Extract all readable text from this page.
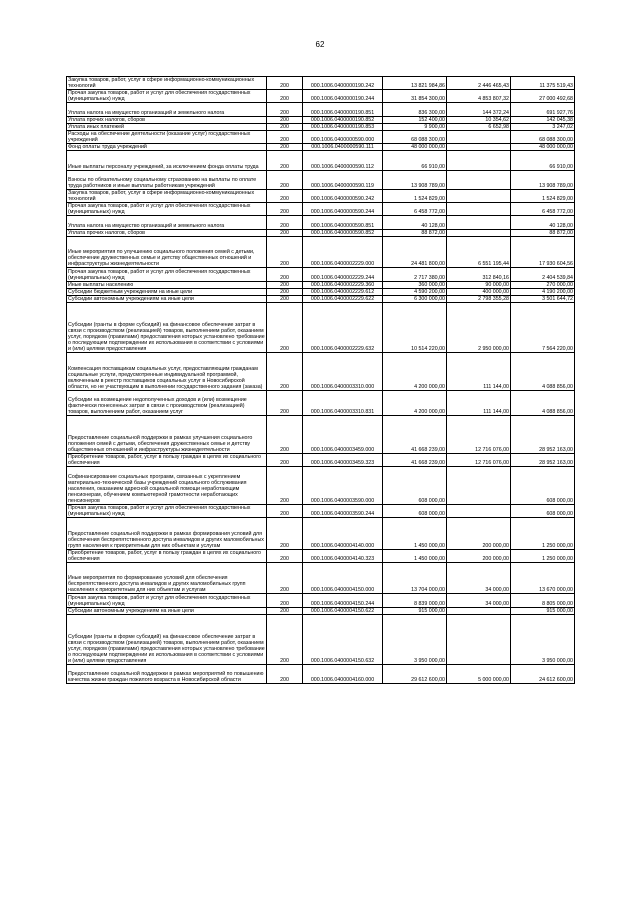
62
Закупка товаров, работ, услуг в сфере информационно-коммуникационных технологий	200	000.1006.0400000190.242	13 821 984,86	2 446 465,43	11 375 519,43
Прочая закупка товаров, работ и услуг для обеспечения государственных (муниципальных) нужд	200	000.1006.0400000190.244	31 854 300,00	4 853 807,32	27 000 492,68
Уплата налога на имущество организаций и земельного налога	200	000.1006.0400000190.851	836 300,00	144 372,24	691 927,76
Уплата прочих налогов, сборов	200	000.1006.0400000190.852	152 400,00	10 354,62	142 045,38
Уплата иных платежей	200	000.1006.0400000190.853	9 900,00	6 652,98	3 247,02
Расходы на обеспечение деятельности (оказание услуг) государственных учреждений	200	000.1006.0400000590.000	68 088 300,00		68 088 300,00
Фонд оплаты труда учреждений	200	000.1006.0400000590.111	48 000 000,00		48 000 000,00
Иные выплаты персоналу учреждений, за исключением фонда оплаты труда	200	000.1006.0400000590.112	66 910,00		66 910,00
Взносы по обязательному социальному страхованию на выплаты по оплате труда работников и иные выплаты работникам учреждений	200	000.1006.0400000590.119	13 908 789,00		13 908 789,00
Закупка товаров, работ, услуг в сфере информационно-коммуникационных технологий	200	000.1006.0400000590.242	1 524 829,00		1 524 829,00
Прочая закупка товаров, работ и услуг для обеспечения государственных (муниципальных) нужд	200	000.1006.0400000590.244	6 458 772,00		6 458 772,00
Уплата налога на имущество организаций и земельного налога	200	000.1006.0400000590.851	40 128,00		40 128,00
Уплата прочих налогов, сборов	200	000.1006.0400000590.852	88 872,00		88 872,00
Иные мероприятия по улучшению социального положения семей с детьми, обеспечение дружественных семье и детству общественных отношений и инфраструктуры жизнедеятельности	200	000.1006.0400002229.000	24 481 800,00	6 551 195,44	17 930 604,56
Прочая закупка товаров, работ и услуг для обеспечения государственных (муниципальных) нужд	200	000.1006.0400002229.244	2 717 380,00	312 840,16	2 404 539,84
Иные выплаты населению	200	000.1006.0400002229.360	360 000,00	90 000,00	270 000,00
Субсидии бюджетным учреждениям на иные цели	200	000.1006.0400002229.612	4 590 200,00	400 000,00	4 190 200,00
Субсидии автономным учреждениям на иные цели	200	000.1006.0400002229.622	6 300 000,00	2 798 355,28	3 501 644,72
Субсидии (гранты в форме субсидий) на финансовое обеспечение затрат в связи с производством (реализацией) товаров, выполнением работ, оказанием услуг, порядком (правилами) предоставления которых установлено требование о последующем подтверждении их использования в соответствии с условиями и (или) целями предоставления	200	000.1006.0400002229.632	10 514 220,00	2 950 000,00	7 564 220,00
Компенсация поставщикам социальных услуг, предоставляющим гражданам социальные услуги, предусмотренные индивидуальной программой, включенным в реестр поставщиков социальных услуг в Новосибирской области, но не участвующим в выполнении государственного задания (заказа)	200	000.1006.0400003310.000	4 200 000,00	111 144,00	4 088 856,00
Субсидии на возмещение недополученных доходов и (или) возмещение фактически понесенных затрат в связи с производством (реализацией) товаров, выполнением работ, оказанием услуг	200	000.1006.0400003310.831	4 200 000,00	111 144,00	4 088 856,00
Предоставление социальной поддержки в рамках улучшения социального положения семей с детьми, обеспечения дружественных семье и детству общественных отношений и инфраструктуры жизнедеятельности	200	000.1006.0400003459.000	41 668 239,00	12 716 076,00	28 952 163,00
Приобретение товаров, работ, услуг в пользу граждан в целях их социального обеспечения	200	000.1006.0400003459.323	41 668 239,00	12 716 076,00	28 952 163,00
Софинансирование социальных программ, связанных с укреплением материально-технической базы учреждений социального обслуживания населения, оказанием адресной социальной помощи неработающим пенсионерам, обучением компьютерной грамотности неработающих пенсионеров	200	000.1006.0400003590.000	608 000,00		608 000,00
Прочая закупка товаров, работ и услуг для обеспечения государственных (муниципальных) нужд	200	000.1006.0400003590.244	608 000,00		608 000,00
Предоставление социальной поддержки в рамках формирования условий для обеспечения беспрепятственного доступа инвалидов и других маломобильных групп населения к приоритетным для них объектам и услугам	200	000.1006.0400004140.000	1 450 000,00	200 000,00	1 250 000,00
Приобретение товаров, работ, услуг в пользу граждан в целях их социального обеспечения	200	000.1006.0400004140.323	1 450 000,00	200 000,00	1 250 000,00
Иные мероприятия по формированию условий для обеспечения беспрепятственного доступа инвалидов и других маломобильных групп населения к приоритетным для них объектам и услугам	200	000.1006.0400004150.000	13 704 000,00	34 000,00	13 670 000,00
Прочая закупка товаров, работ и услуг для обеспечения государственных (муниципальных) нужд	200	000.1006.0400004150.244	8 839 000,00	34 000,00	8 805 000,00
Субсидии автономным учреждениям на иные цели	200	000.1006.0400004150.622	915 000,00		915 000,00
Субсидии (гранты в форме субсидий) на финансовое обеспечение затрат в связи с производством (реализацией) товаров, выполнением работ, оказанием услуг, порядком (правилами) предоставления которых установлено требование о последующем подтверждении их использования в соответствии с условиями и (или) целями предоставления	200	000.1006.0400004150.632	3 950 000,00		3 950 000,00
Предоставление социальной поддержки в рамках мероприятий по повышению качества жизни граждан пожилого возраста в Новосибирской области	200	000.1006.0400004160.000	29 612 600,00	5 000 000,00	24 612 600,00
